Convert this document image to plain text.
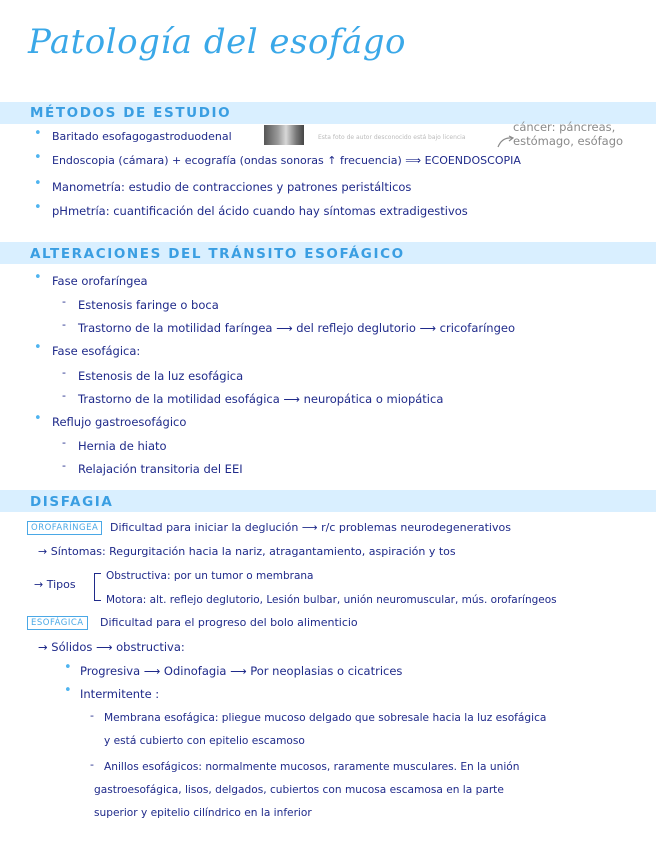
Patología del esofágo
MÉTODOS DE ESTUDIO
• Baritado esofagogastroduodenal	Esta foto de autor desconocido está bajo licencia
cáncer: páncreas,
estómago, esófago
• Endoscopia (cámara) + ecografía (ondas sonoras ↑ frecuencia) ⟹ ECOENDOSCOPIA
• Manometría: estudio de contracciones y patrones peristálticos
• pHmetría: cuantificación del ácido cuando hay síntomas extradigestivos
ALTERACIONES DEL TRÁNSITO ESOFÁGICO
• Fase orofaríngea
- Estenosis faringe o boca
- Trastorno de la motilidad faríngea ⟶ del reflejo deglutorio ⟶ cricofaríngeo
• Fase esofágica:
- Estenosis de la luz esofágica
- Trastorno de la motilidad esofágica ⟶ neuropática o miopática
• Reflujo gastroesofágico
- Hernia de hiato
- Relajación transitoria del EEI
DISFAGIA
OROFARÍNGEA	Dificultad para iniciar la deglución ⟶ r/c problemas neurodegenerativos
→ Síntomas: Regurgitación hacia la nariz, atragantamiento, aspiración y tos
→ Tipos
Obstructiva: por un tumor o membrana
Motora: alt. reflejo deglutorio, Lesión bulbar, unión neuromuscular, mús. orofaríngeos
ESOFÁGICA	Dificultad para el progreso del bolo alimenticio
→ Sólidos ⟶ obstructiva:
• Progresiva ⟶ Odinofagia ⟶ Por neoplasias o cicatrices
• Intermitente :
- Membrana esofágica: pliegue mucoso delgado que sobresale hacia la luz esofágica
y está cubierto con epitelio escamoso
- Anillos esofágicos: normalmente mucosos, raramente musculares. En la unión
gastroesofágica, lisos, delgados, cubiertos con mucosa escamosa en la parte
superior y epitelio cilíndrico en la inferior
